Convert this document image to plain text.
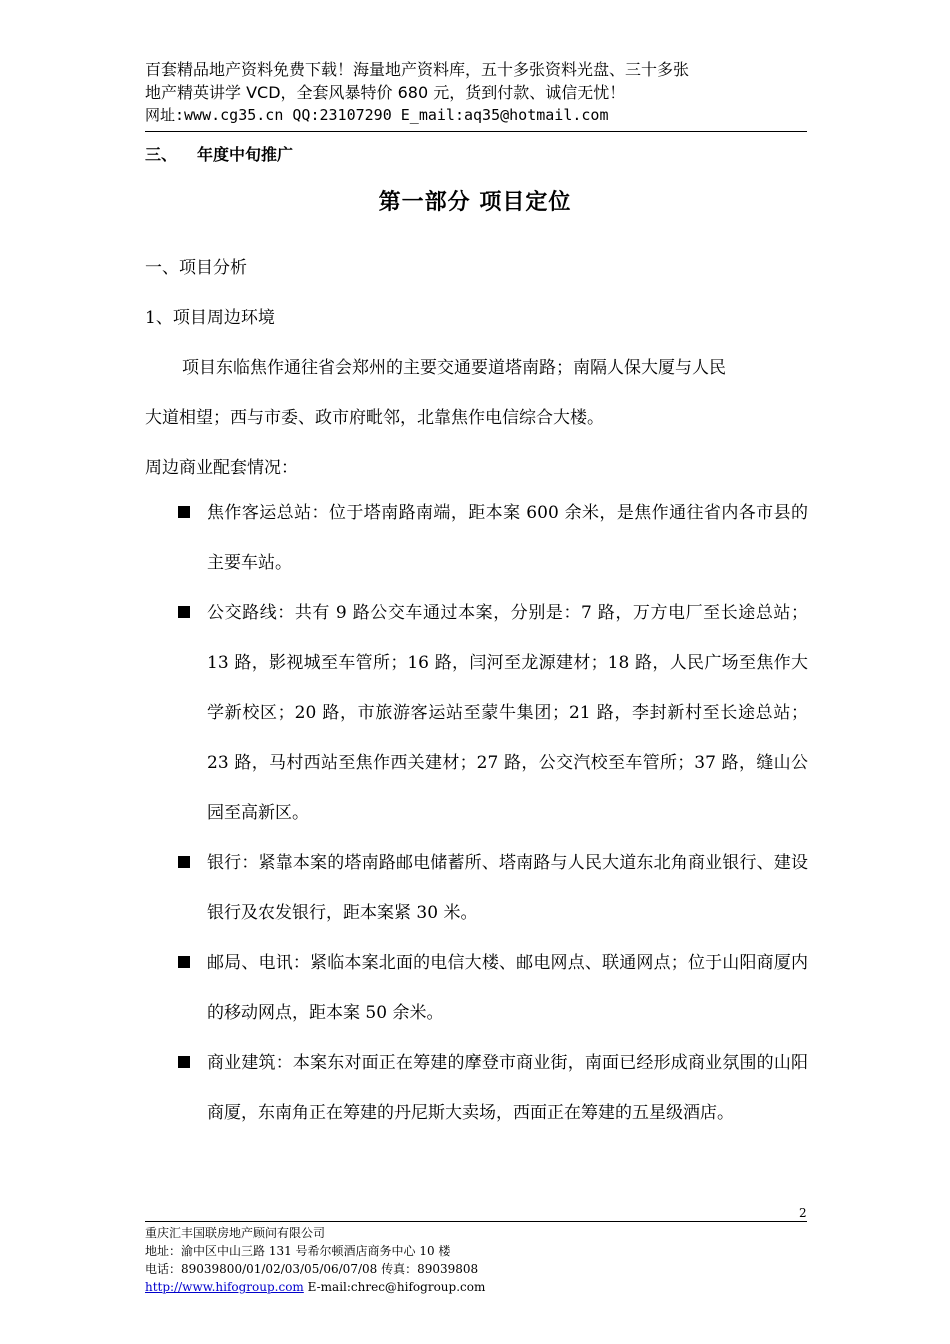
百套精品地产资料免费下载！海量地产资料库，五十多张资料光盘、三十多张
地产精英讲学 VCD，全套风暴特价 680 元，货到付款、诚信无忧！
网址:www.cg35.cn QQ:23107290 E_mail:aq35@hotmail.com
三、 年度中旬推广
第一部分 项目定位
一、项目分析
1、项目周边环境
项目东临焦作通往省会郑州的主要交通要道塔南路；南隔人保大厦与人民
大道相望；西与市委、政市府毗邻，北靠焦作电信综合大楼。
周边商业配套情况：
焦作客运总站：位于塔南路南端，距本案 600 余米，是焦作通往省内各市县的主要车站。
公交路线：共有 9 路公交车通过本案，分别是：7 路，万方电厂至长途总站；13 路，影视城至车管所；16 路，闫河至龙源建材；18 路，人民广场至焦作大学新校区；20 路，市旅游客运站至蒙牛集团；21 路，李封新村至长途总站；23 路，马村西站至焦作西关建材；27 路，公交汽校至车管所；37 路，缝山公园至高新区。
银行：紧靠本案的塔南路邮电储蓄所、塔南路与人民大道东北角商业银行、建设银行及农发银行，距本案紧 30 米。
邮局、电讯：紧临本案北面的电信大楼、邮电网点、联通网点；位于山阳商厦内的移动网点，距本案 50 余米。
商业建筑：本案东对面正在筹建的摩登市商业街，南面已经形成商业氛围的山阳商厦，东南角正在筹建的丹尼斯大卖场，西面正在筹建的五星级酒店。
2
重庆汇丰国联房地产顾问有限公司
地址：渝中区中山三路 131 号希尔顿酒店商务中心 10 楼
电话：89039800/01/02/03/05/06/07/08 传真：89039808
http://www.hifogroup.com E-mail:chrec@hifogroup.com
